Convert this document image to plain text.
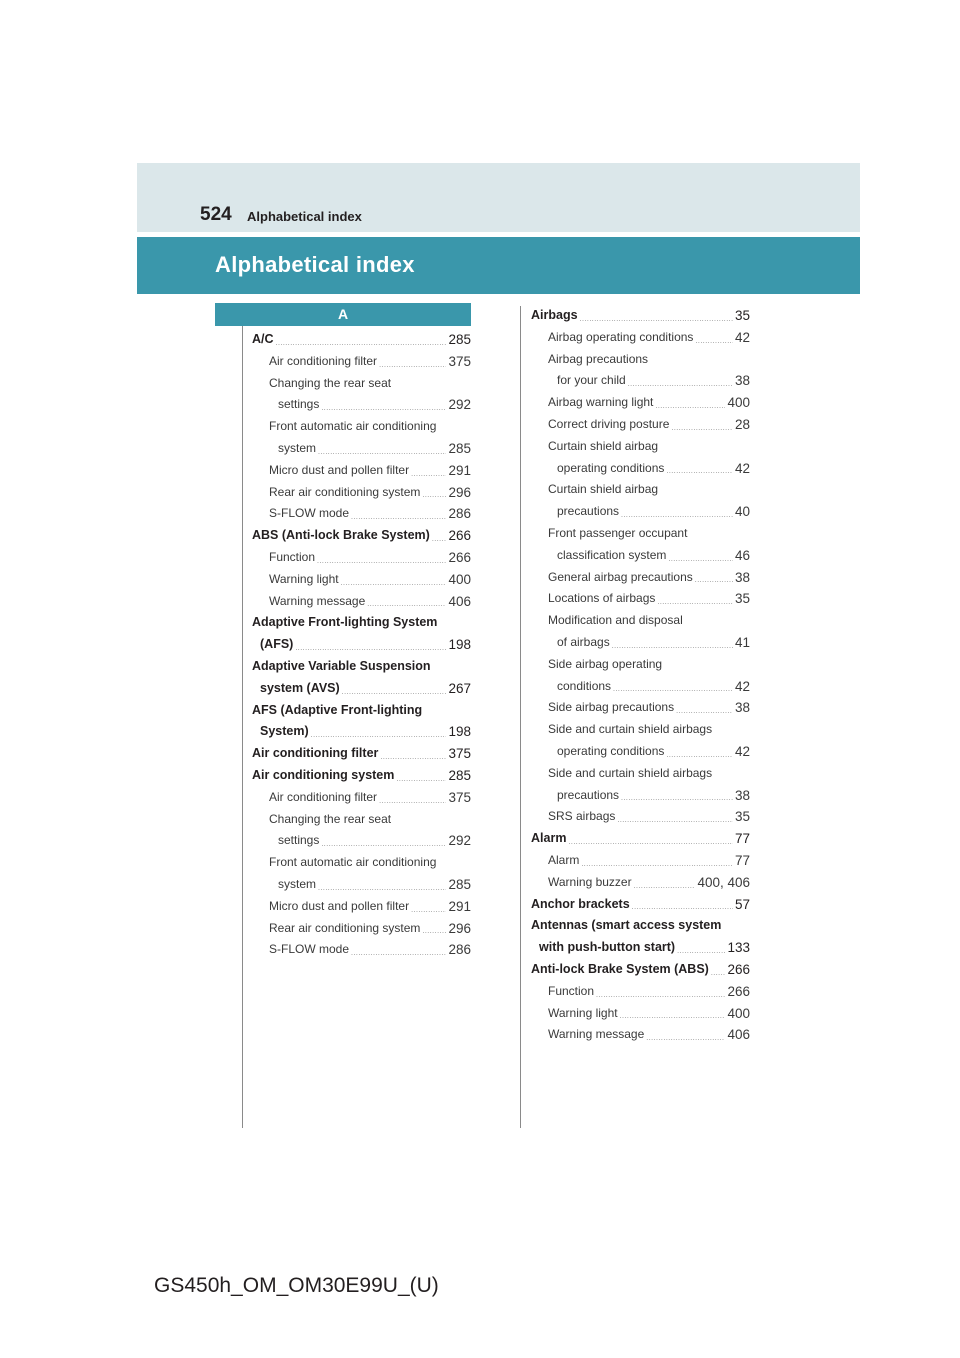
524 Alphabetical index
Alphabetical index
A
A/C .....	285
Air conditioning filter .....	375
Changing the rear seat
settings .....	292
Front automatic air conditioning
system .....	285
Micro dust and pollen filter .....	291
Rear air conditioning system ..... 296
S-FLOW mode .....	286
ABS (Anti-lock Brake System) ..... 266
Function .....	266
Warning light .....	400
Warning message .....	406
Adaptive Front-lighting System
(AFS) .....	198
Adaptive Variable Suspension
system (AVS) .....	267
AFS (Adaptive Front-lighting
System) .....	198
Air conditioning filter .....	375
Air conditioning system .....	285
Air conditioning filter .....	375
Changing the rear seat
settings .....	292
Front automatic air conditioning
system .....	285
Micro dust and pollen filter .....	291
Rear air conditioning system ..... 296
S-FLOW mode .....	286
Airbags .....	35
Airbag operating conditions .....	42
Airbag precautions
for your child .....	38
Airbag warning light .....	400
Correct driving posture .....	28
Curtain shield airbag
operating conditions .....	42
Curtain shield airbag
precautions .....	40
Front passenger occupant
classification system .....	46
General airbag precautions .....	38
Locations of airbags .....	35
Modification and disposal
of airbags .....	41
Side airbag operating
conditions .....	42
Side airbag precautions .....	38
Side and curtain shield airbags
operating conditions .....	42
Side and curtain shield airbags
precautions .....	38
SRS airbags .....	35
Alarm .....	77
Alarm .....	77
Warning buzzer .....	400, 406
Anchor brackets .....	57
Antennas (smart access system
with push-button start) .....	133
Anti-lock Brake System (ABS) ..... 266
Function .....	266
Warning light .....	400
Warning message .....	406
GS450h_OM_OM30E99U_(U)
